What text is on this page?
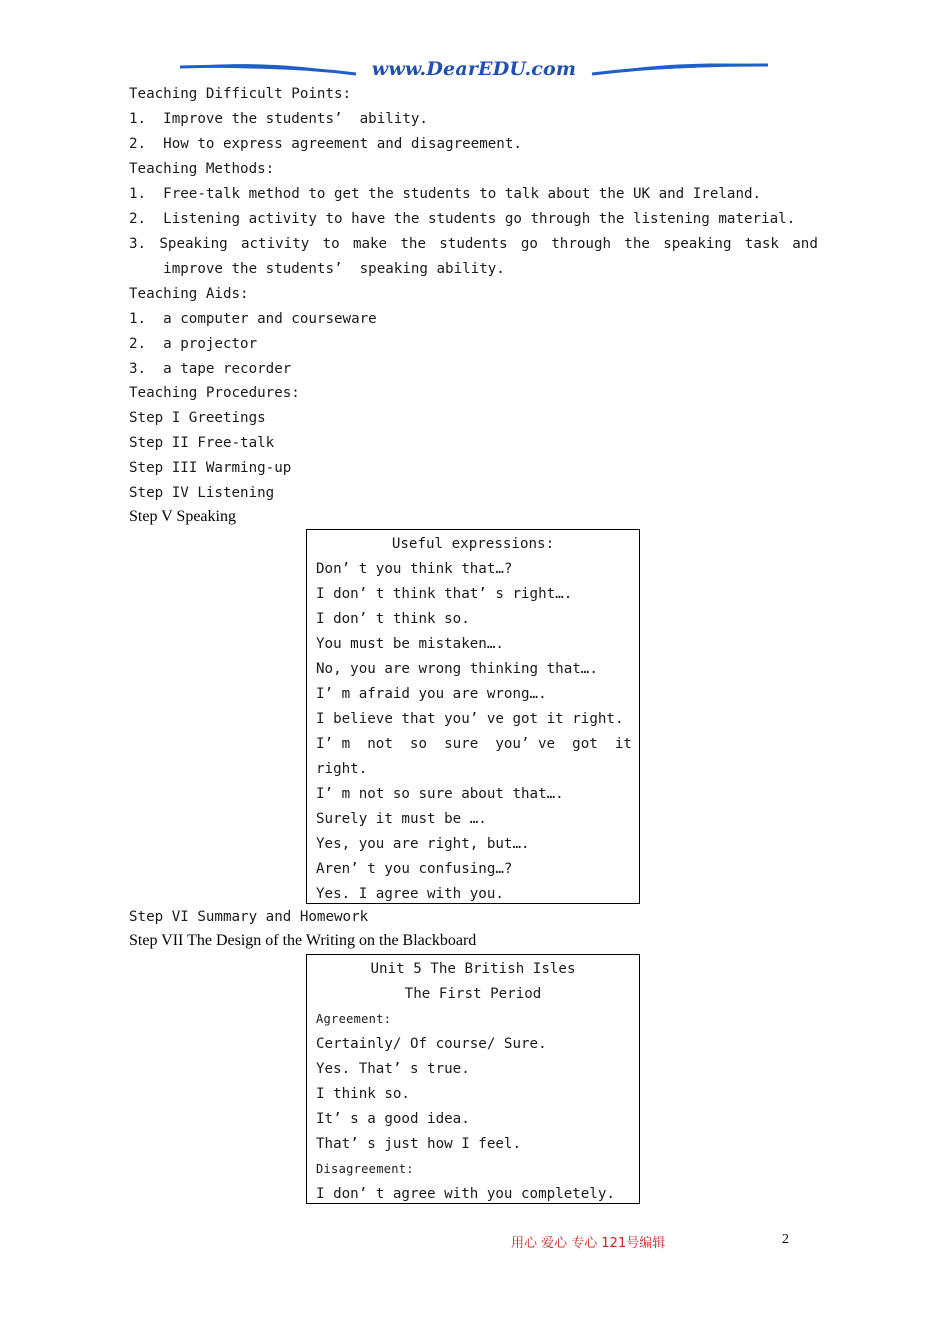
www.DearEDU.com
Teaching Difficult Points:
1.  Improve the students’  ability.
2.  How to express agreement and disagreement.
Teaching Methods:
1.  Free-talk method to get the students to talk about the UK and Ireland.
2.  Listening activity to have the students go through the listening material.
3. Speaking activity to make the students go through the speaking task and
improve the students’  speaking ability.
Teaching Aids:
1.  a computer and courseware
2.  a projector
3.  a tape recorder
Teaching Procedures:
Step I Greetings
Step II Free-talk
Step III Warming-up
Step IV Listening
Step V Speaking
Useful expressions:
Don’ t you think that…?
I don’ t think that’ s right….
I don’ t think so.
You must be mistaken….
No, you are wrong thinking that….
I’ m afraid you are wrong….
I believe that you’ ve got it right.
I’ m not so sure you’ ve got it
right.
I’ m not so sure about that….
Surely it must be ….
Yes, you are right, but….
Aren’ t you confusing…?
Yes. I agree with you.
Step VI Summary and Homework
Step VII The Design of the Writing on the Blackboard
Unit 5 The British Isles
The First Period
Agreement:
Certainly/ Of course/ Sure.
Yes. That’ s true.
I think so.
It’ s a good idea.
That’ s just how I feel.
Disagreement:
I don’ t agree with you completely.
用心 爱心 专心 121号编辑	2
